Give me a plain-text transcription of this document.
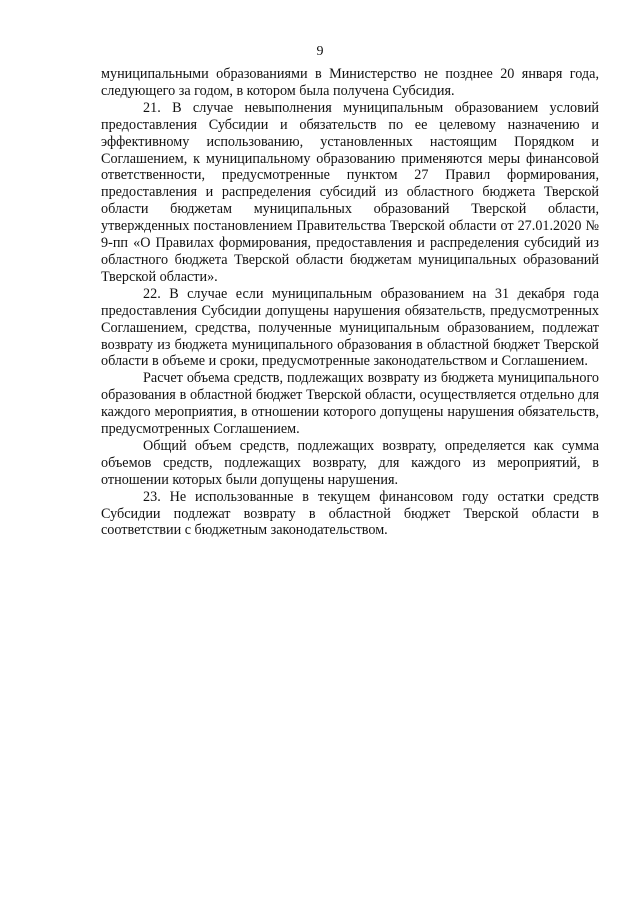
9

муниципальными образованиями в Министерство не позднее 20 января года, следующего за годом, в котором была получена Субсидия.

21. В случае невыполнения муниципальным образованием условий предоставления Субсидии и обязательств по ее целевому назначению и эффективному использованию, установленных настоящим Порядком и Соглашением, к муниципальному образованию применяются меры финансовой ответственности, предусмотренные пунктом 27 Правил формирования, предоставления и распределения субсидий из областного бюджета Тверской области бюджетам муниципальных образований Тверской области, утвержденных постановлением Правительства Тверской области от 27.01.2020 № 9-пп «О Правилах формирования, предоставления и распределения субсидий из областного бюджета Тверской области бюджетам муниципальных образований Тверской области».

22. В случае если муниципальным образованием на 31 декабря года предоставления Субсидии допущены нарушения обязательств, предусмотренных Соглашением, средства, полученные муниципальным образованием, подлежат возврату из бюджета муниципального образования в областной бюджет Тверской области в объеме и сроки, предусмотренные законодательством и Соглашением.

Расчет объема средств, подлежащих возврату из бюджета муниципального образования в областной бюджет Тверской области, осуществляется отдельно для каждого мероприятия, в отношении которого допущены нарушения обязательств, предусмотренных Соглашением.

Общий объем средств, подлежащих возврату, определяется как сумма объемов средств, подлежащих возврату, для каждого из мероприятий, в отношении которых были допущены нарушения.

23. Не использованные в текущем финансовом году остатки средств Субсидии подлежат возврату в областной бюджет Тверской области в соответствии с бюджетным законодательством.
